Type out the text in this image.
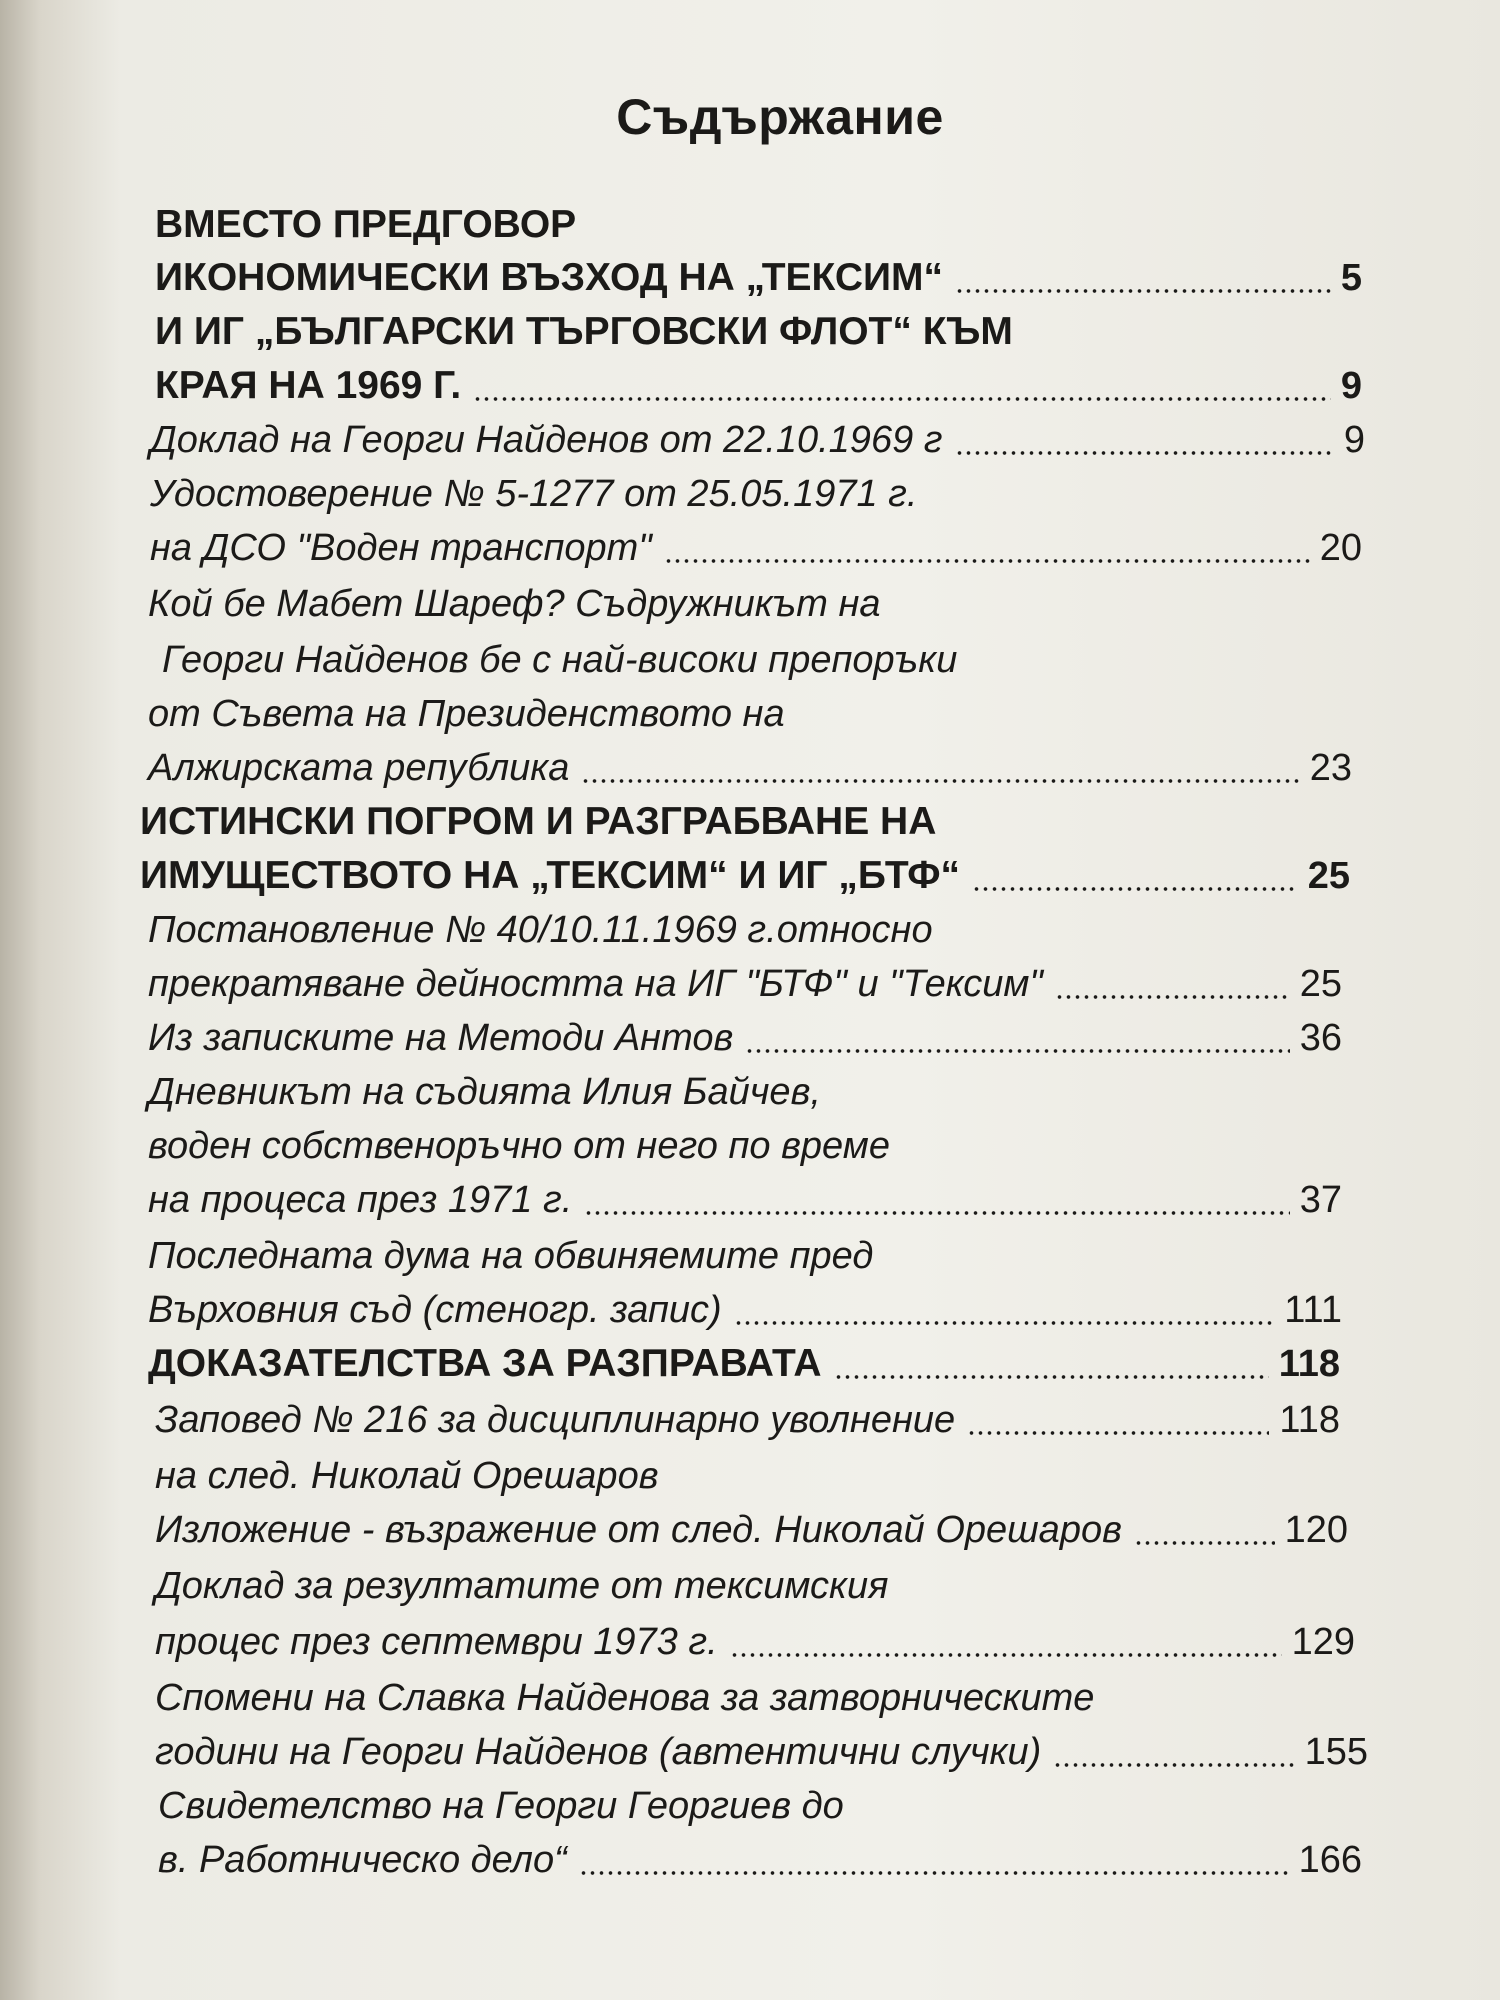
Съдържание
ВМЕСТО ПРЕДГОВОР
ИКОНОМИЧЕСКИ ВЪЗХОД НА „ТЕКСИМ“	5
И ИГ „БЪЛГАРСКИ ТЪРГОВСКИ ФЛОТ“ КЪМ
КРАЯ НА 1969 Г.	9
Доклад на Георги Найденов от 22.10.1969 г	9
Удостоверение № 5-1277 от 25.05.1971 г.
на ДСО "Воден транспорт"	20
Кой бе Мабет Шареф? Съдружникът на
Георги Найденов бе с най-високи препоръки
от Съвета на Президенството на
Алжирската република	23
ИСТИНСКИ ПОГРОМ И РАЗГРАБВАНЕ НА
ИМУЩЕСТВОТО НА „ТЕКСИМ“ И ИГ „БТФ“	25
Постановление № 40/10.11.1969 г.относно
прекратяване дейността на ИГ "БТФ" и "Тексим"	25
Из записките на Методи Антов	36
Дневникът на съдията Илия Байчев,
воден собственоръчно от него по време
на процеса през 1971 г.	37
Последната дума на обвиняемите пред
Върховния съд (стеногр. запис)	111
ДОКАЗАТЕЛСТВА ЗА РАЗПРАВАТА	118
Заповед № 216 за дисциплинарно уволнение	118
на след. Николай Орешаров
Изложение - възражение от след. Николай Орешаров	120
Доклад за резултатите от тексимския
процес през септември 1973 г.	129
Спомени на Славка Найденова за затворническите
години на Георги Найденов (автентични случки)	155
Свидетелство на Георги Георгиев до
в. Работническо дело“	166
